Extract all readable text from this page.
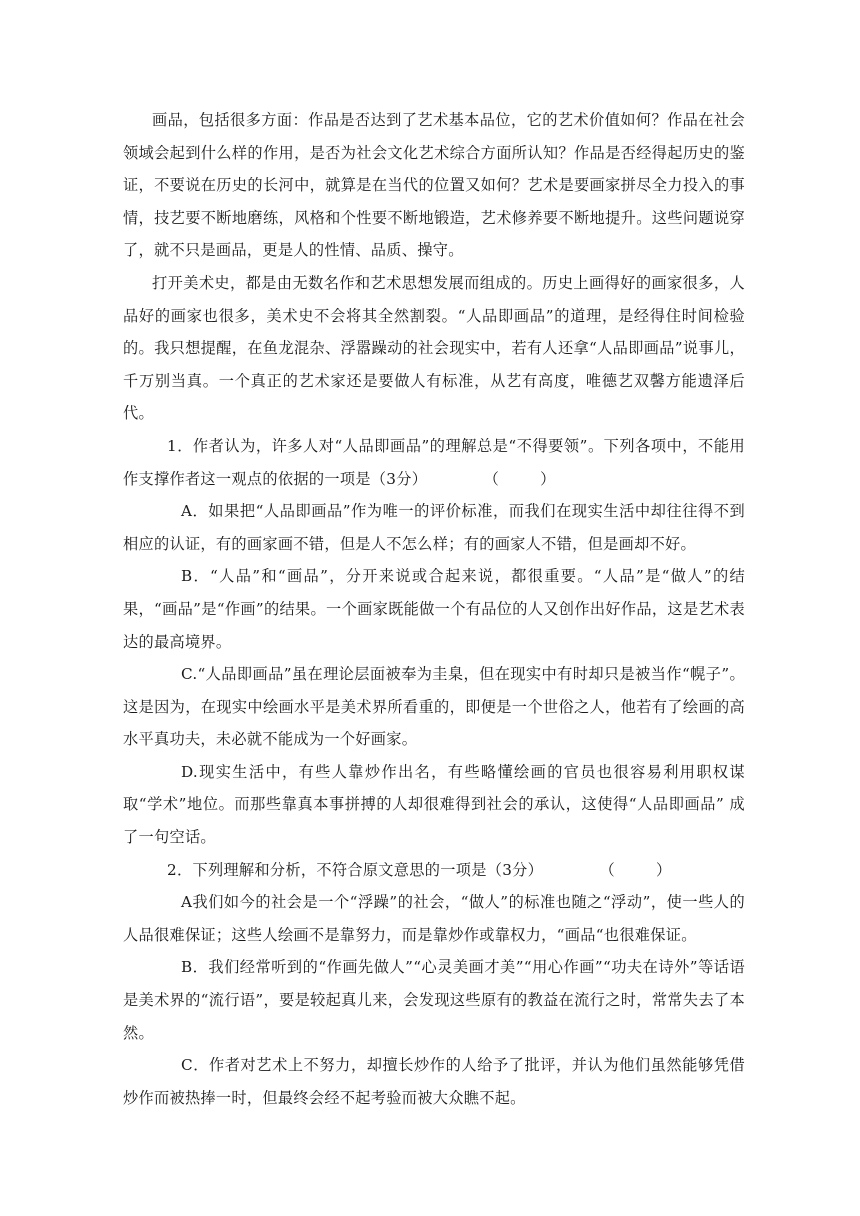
画品，包括很多方面：作品是否达到了艺术基本品位，它的艺术价值如何？作品在社会领域会起到什么样的作用，是否为社会文化艺术综合方面所认知？作品是否经得起历史的鉴证，不要说在历史的长河中，就算是在当代的位置又如何？艺术是要画家拼尽全力投入的事情，技艺要不断地磨练，风格和个性要不断地锻造，艺术修养要不断地提升。这些问题说穿了，就不只是画品，更是人的性情、品质、操守。

打开美术史，都是由无数名作和艺术思想发展而组成的。历史上画得好的画家很多，人品好的画家也很多，美术史不会将其全然割裂。“人品即画品”的道理，是经得住时间检验的。我只想提醒，在鱼龙混杂、浮嚣躁动的社会现实中，若有人还拿“人品即画品”说事儿，千万别当真。一个真正的艺术家还是要做人有标准，从艺有高度，唯德艺双馨方能遗泽后代。

1．作者认为，许多人对“人品即画品”的理解总是“不得要领”。下列各项中，不能用作支撑作者这一观点的依据的一项是（3分）           （        ）

A．如果把“人品即画品”作为唯一的评价标准，而我们在现实生活中却往往得不到相应的认证，有的画家画不错，但是人不怎么样；有的画家人不错，但是画却不好。

B．“人品”和“画品”，分开来说或合起来说，都很重要。“人品”是“做人”的结果，“画品”是“作画”的结果。一个画家既能做一个有品位的人又创作出好作品，这是艺术表达的最高境界。

C.“人品即画品”虽在理论层面被奉为圭臬，但在现实中有时却只是被当作“幌子”。这是因为，在现实中绘画水平是美术界所看重的，即便是一个世俗之人，他若有了绘画的高水平真功夫，未必就不能成为一个好画家。

D.现实生活中，有些人靠炒作出名，有些略懂绘画的官员也很容易利用职权谋取“学术”地位。而那些靠真本事拼搏的人却很难得到社会的承认，这使得“人品即画品” 成了一句空话。

2．下列理解和分析，不符合原文意思的一项是（3分）           （        ）

A我们如今的社会是一个“浮躁”的社会，“做人”的标准也随之“浮动”，使一些人的人品很难保证；这些人绘画不是靠努力，而是靠炒作或靠权力，“画品“也很难保证。

B．我们经常听到的“作画先做人”“心灵美画才美”“用心作画”“功夫在诗外”等话语是美术界的“流行语”，要是较起真儿来，会发现这些原有的教益在流行之时，常常失去了本然。

C．作者对艺术上不努力，却擅长炒作的人给予了批评，并认为他们虽然能够凭借炒作而被热捧一时，但最终会经不起考验而被大众瞧不起。
